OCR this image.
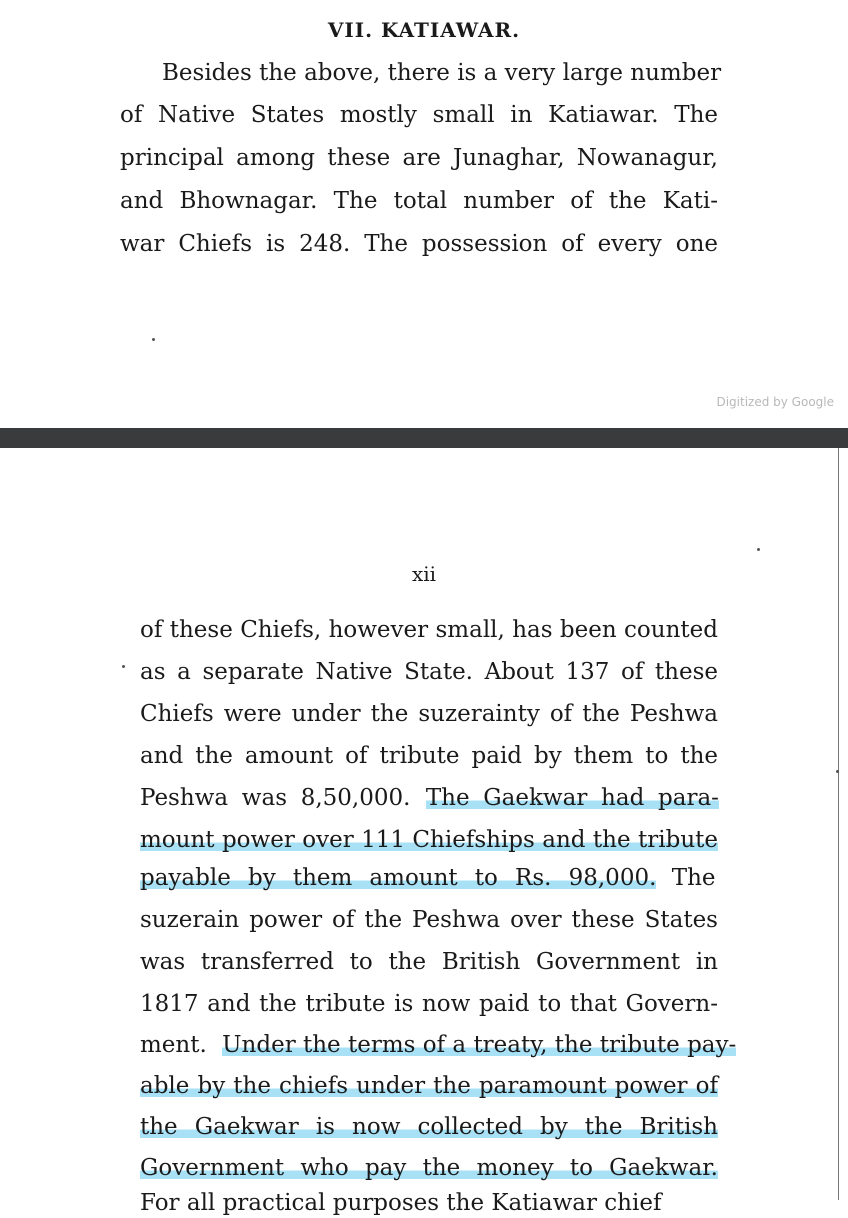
VII. KATIAWAR.
Besides the above, there is a very large number
of Native States mostly small in Katiawar. The
principal among these are Junaghar, Nowanagur,
and Bhownagar. The total number of the Kati-
war Chiefs is 248. The possession of every one
Digitized by Google
xii
of these Chiefs, however small, has been counted
as a separate Native State. About 137 of these
Chiefs were under the suzerainty of the Peshwa
and the amount of tribute paid by them to the
Peshwa was 8,50,000. The Gaekwar had para-
mount power over 111 Chiefships and the tribute
payable by them amount to Rs. 98,000. The
suzerain power of the Peshwa over these States
was transferred to the British Government in
1817 and the tribute is now paid to that Govern-
ment. Under the terms of a treaty, the tribute pay-
able by the chiefs under the paramount power of
the Gaekwar is now collected by the British
Government who pay the money to Gaekwar.
For all practical purposes the Katiawar chief
